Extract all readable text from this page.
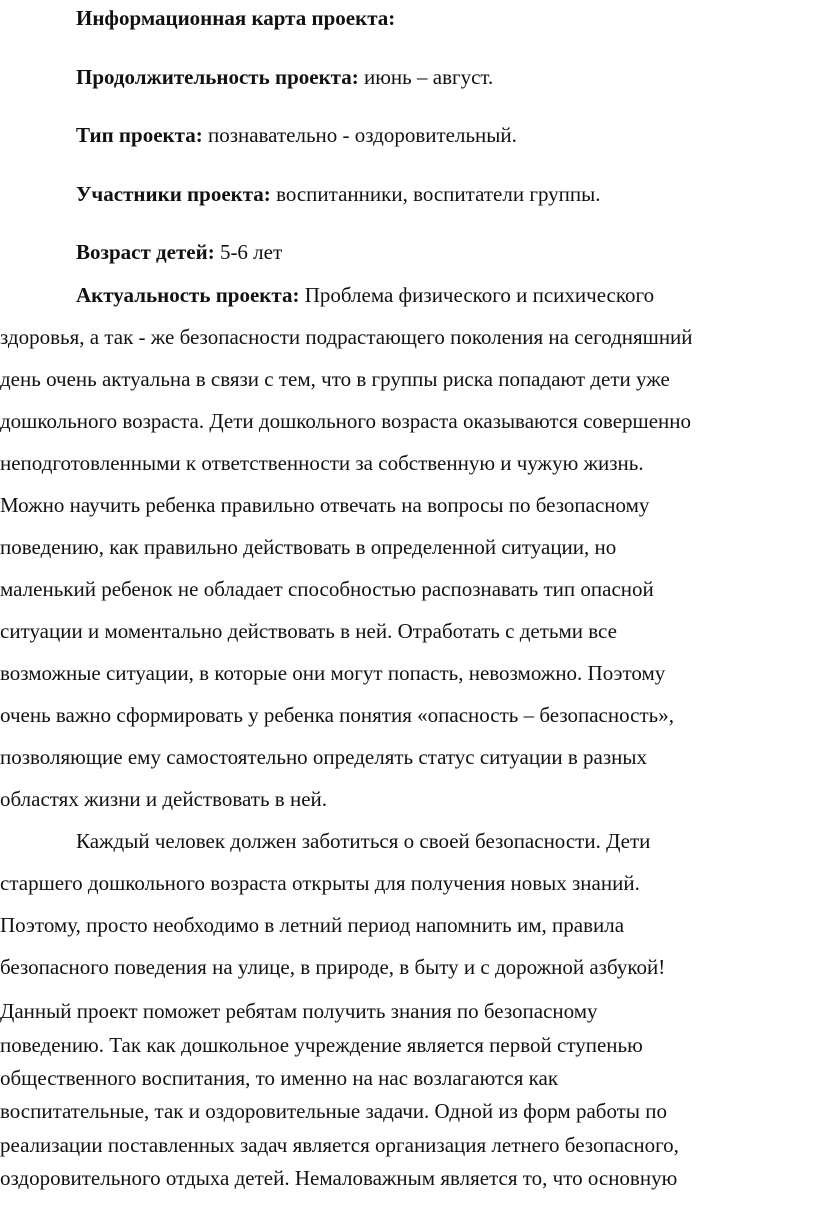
Информационная карта проекта:
Продолжительность проекта: июнь – август.
Тип проекта: познавательно - оздоровительный.
Участники проекта: воспитанники, воспитатели группы.
Возраст детей: 5-6 лет
Актуальность проекта: Проблема физического и психического
здоровья, а так - же безопасности подрастающего поколения на сегодняшний
день очень актуальна в связи с тем, что в группы риска попадают дети уже
дошкольного возраста. Дети дошкольного возраста оказываются совершенно
неподготовленными к ответственности за собственную и чужую жизнь.
Можно научить ребенка правильно отвечать на вопросы по безопасному
поведению, как правильно действовать в определенной ситуации, но
маленький ребенок не обладает способностью распознавать тип опасной
ситуации и моментально действовать в ней. Отработать с детьми все
возможные ситуации, в которые они могут попасть, невозможно. Поэтому
очень важно сформировать у ребенка понятия «опасность – безопасность»,
позволяющие ему самостоятельно определять статус ситуации в разных
областях жизни и действовать в ней.
Каждый человек должен заботиться о своей безопасности. Дети
старшего дошкольного возраста открыты для получения новых знаний.
Поэтому, просто необходимо в летний период напомнить им, правила
безопасного поведения на улице, в природе, в быту и с дорожной азбукой!
Данный проект поможет ребятам получить знания по безопасному
поведению. Так как дошкольное учреждение является первой ступенью
общественного воспитания, то именно на нас возлагаются как
воспитательные, так и оздоровительные задачи. Одной из форм работы по
реализации поставленных задач является организация летнего безопасного,
оздоровительного отдыха детей. Немаловажным является то, что основную
